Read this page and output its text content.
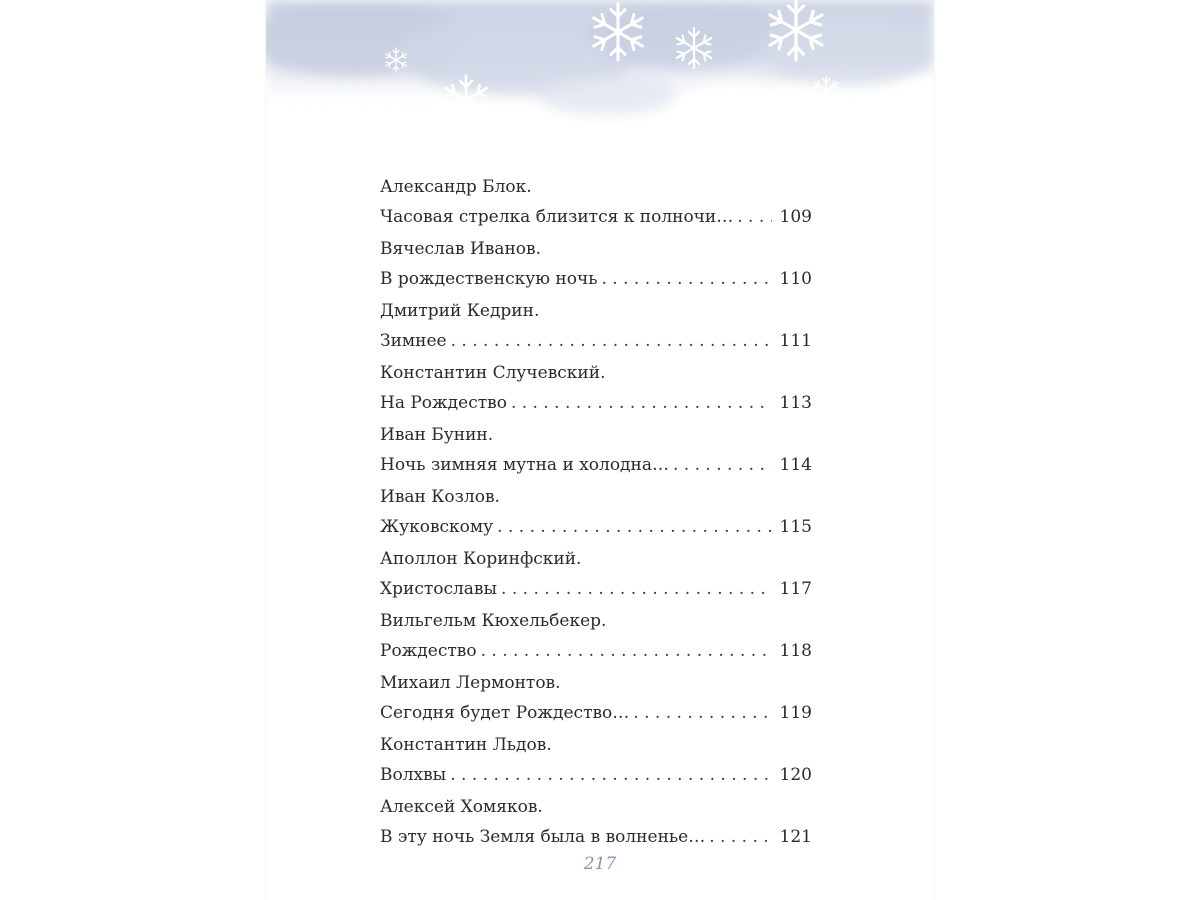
Александр Блок.
Часовая стрелка близится к полночи… . . .	109
Вячеслав Иванов.
В рождественскую ночь . . .	110
Дмитрий Кедрин.
Зимнее . . .	111
Константин Случевский.
На Рождество . . .	113
Иван Бунин.
Ночь зимняя мутна и холодна… . . .	114
Иван Козлов.
Жуковскому . . .	115
Аполлон Коринфский.
Христославы . . .	117
Вильгельм Кюхельбекер.
Рождество . . .	118
Михаил Лермонтов.
Сегодня будет Рождество… . . .	119
Константин Льдов.
Волхвы . . .	120
Алексей Хомяков.
В эту ночь Земля была в волненье… . . .	121
217
